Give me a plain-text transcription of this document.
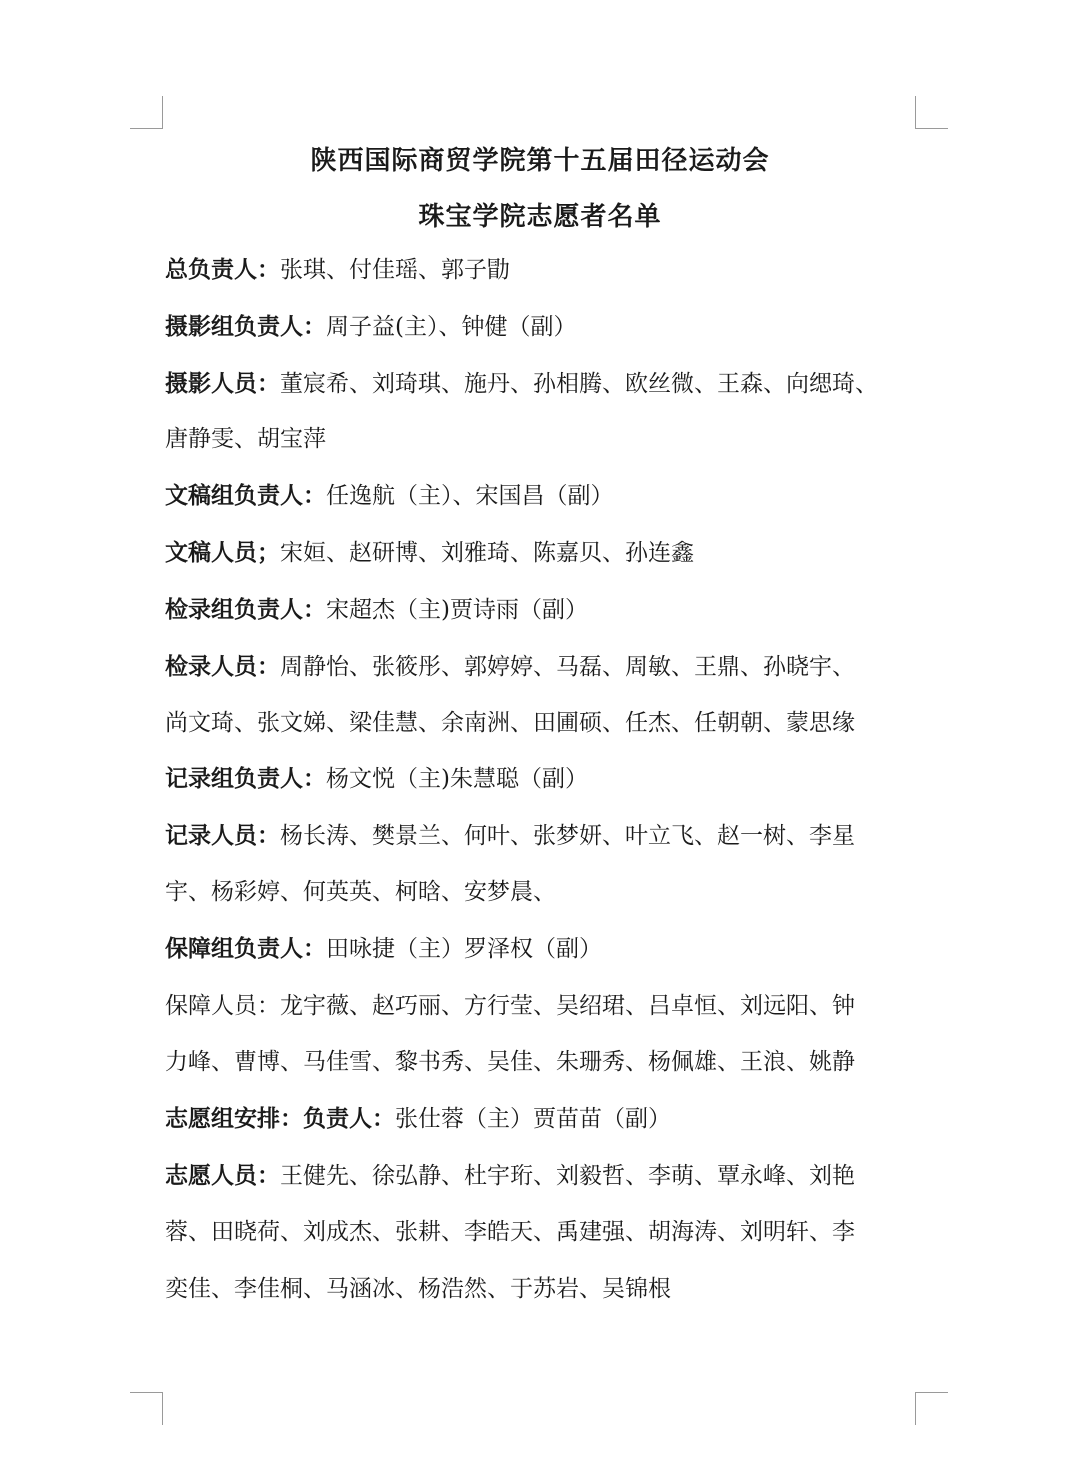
陕西国际商贸学院第十五届田径运动会
珠宝学院志愿者名单
总负责人：张琪、付佳瑶、郭子勖
摄影组负责人：周子益(主）、钟健（副）
摄影人员：董宸希、刘琦琪、施丹、孙相腾、欧丝微、王森、向缌琦、
唐静雯、胡宝萍
文稿组负责人：任逸航（主）、宋国昌（副）
文稿人员；宋姮、赵研博、刘雅琦、陈嘉贝、孙连鑫
检录组负责人：宋超杰（主)贾诗雨（副）
检录人员：周静怡、张筱彤、郭婷婷、马磊、周敏、王鼎、孙晓宇、
尚文琦、张文娣、梁佳慧、余南洲、田圃硕、任杰、任朝朝、蒙思缘
记录组负责人：杨文悦（主)朱慧聪（副）
记录人员：杨长涛、樊景兰、何叶、张梦妍、叶立飞、赵一树、李星
宇、杨彩婷、何英英、柯晗、安梦晨、
保障组负责人：田咏捷（主）罗泽权（副）
保障人员：龙宇薇、赵巧丽、方行莹、吴绍珺、吕卓恒、刘远阳、钟
力峰、曹博、马佳雪、黎书秀、吴佳、朱珊秀、杨佩雄、王浪、姚静
志愿组安排：负责人：张仕蓉（主）贾苗苗（副）
志愿人员：王健先、徐弘静、杜宇珩、刘毅哲、李萌、覃永峰、刘艳
蓉、田晓荷、刘成杰、张耕、李皓天、禹建强、胡海涛、刘明轩、李
奕佳、李佳桐、马涵冰、杨浩然、于苏岩、吴锦根
